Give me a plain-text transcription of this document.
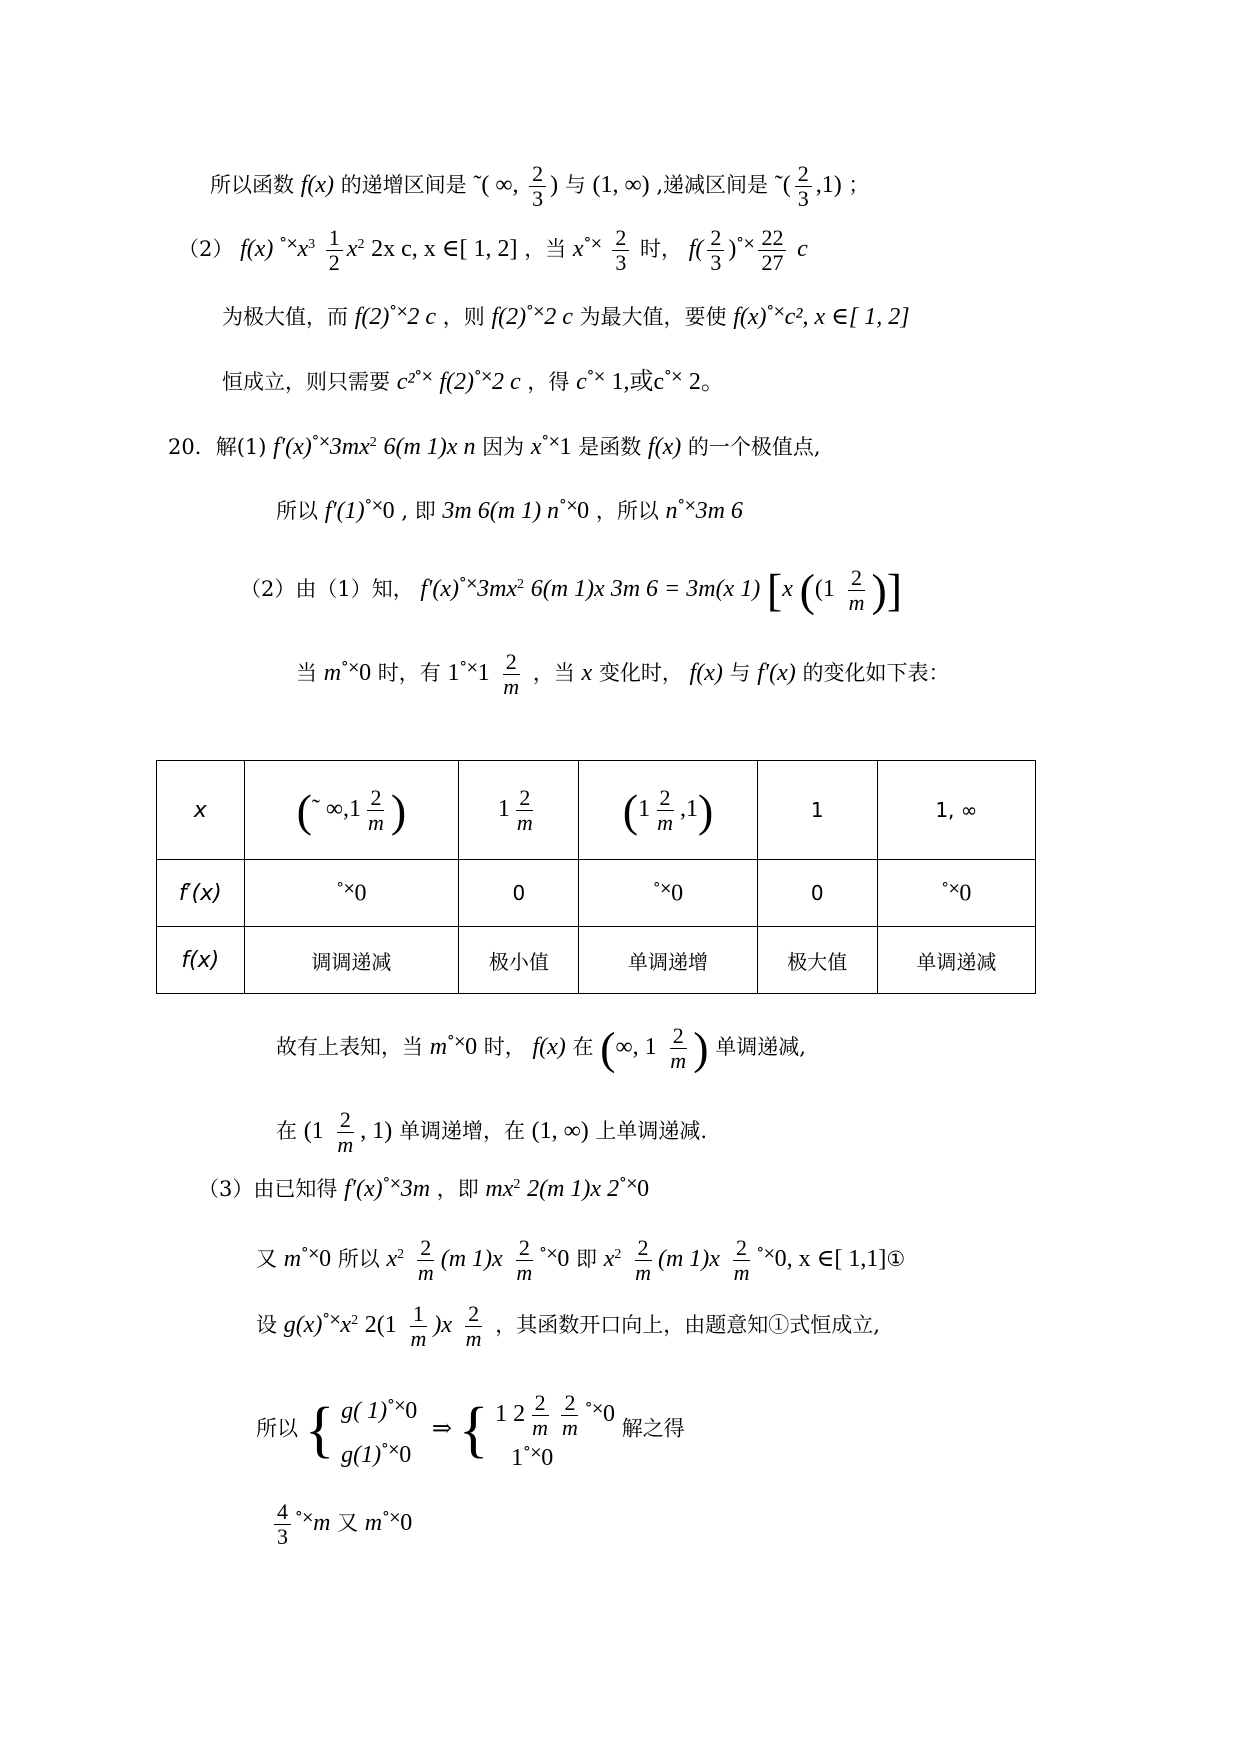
所以函数 f(x) 的递增区间是 ˜( ∞, $\frac{2}{3}$ ) 与 (1, ∞) ,递减区间是 ˜( $\frac{2}{3} ,1$) ；
（2） f(x) $^{^\circ\times}x^3 \frac{1}{2} x^2$ 2x c, x ∈[ 1, 2] ，当 $x^{^\circ\times} \frac{2}{3}$ 时， $f( \frac{2}{3} )^{^\circ\times} \frac{22}{27}$ c
为极大值，而 f(2)°×2 c ，则 f(2)°×2 c 为最大值，要使 f(x)°×c², x ∈[ 1, 2]
恒成立，则只需要 c²°× f(2)°×2 c ，得 c°× 1,或c°× 2。
20．解(1) $f'(x)^{^\circ\times}3mx^2$ 6(m 1)x n 因为 x°×1 是函数 f(x) 的一个极值点,
所以 f′(1)°×0 , 即 3m 6(m 1) n°×0 ，所以 n°×3m 6
（2）由（1）知， $f'(x)^{^\circ\times}3mx^2$ 6(m 1)x 3m 6 = 3m(x 1) [x (($1 \frac{2}{m}$ )]
当 m°×0 时，有 $1^{^\circ\times}1 \frac{2}{m}$ ，当 x 变化时， f(x) 与 f′(x) 的变化如下表：
x	(˜ $\infty,1 \frac{2}{m}$ )	$1 \frac{2}{m}$	$(1 \frac{2}{m} ,1)$	1	1, ∞
f′(x)	°×0	0	°×0	0	°×0
f(x)	调调递减	极小值	单调递增	极大值	单调递减
故有上表知，当 m°×0 时， f(x) 在 (∞, $1 \frac{2}{m}$ ) 单调递减,
在 ($1 \frac{2}{m}$ , 1) 单调递增，在 (1, ∞) 上单调递减.
（3）由已知得 f′(x)°×3m ，即 $mx^2$ 2(m 1)x 2°×0
又 m°×0 所以 $x^2 \frac{2}{m} (m$ $1)x \frac{2}{m} ^{^\circ\times}0$ 即 $x^2 \frac{2}{m} (m$ $1)x \frac{2}{m} ^{^\circ\times}0$, x ∈[ 1,1]①
设 $g(x)^{^\circ\times}x^2$ $2(1 \frac{1}{m} )x \frac{2}{m}$ ，其函数开口向上，由题意知①式恒成立,
所以 { g( 1)°×0
g(1)°×0
⇒ { 1 $2 \frac{2}{m} \frac{2}{m} ^{^\circ\times}0$
1°×0
解之得
$\frac{4}{3} ^{^\circ\times}m$ 又 m°×0
